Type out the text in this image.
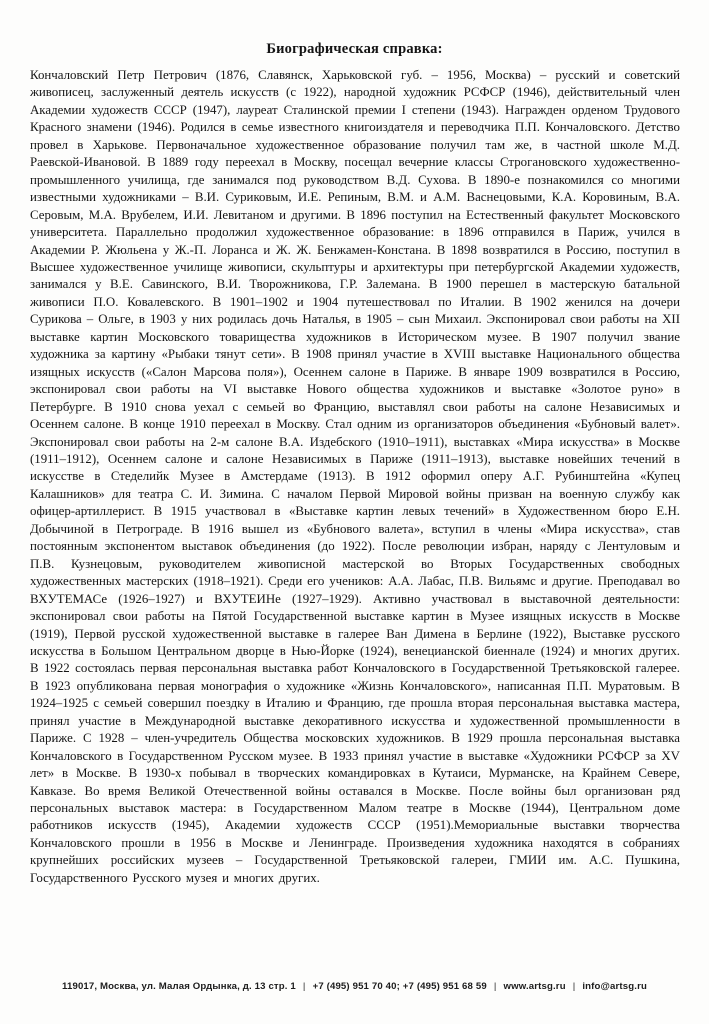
Биографическая справка:

Кончаловский Петр Петрович (1876, Славянск, Харьковской губ. – 1956, Москва) – русский и советский живописец, заслуженный деятель искусств (с 1922), народной художник РСФСР (1946), действительный член Академии художеств СССР (1947), лауреат Сталинской премии I степени (1943). Награжден орденом Трудового Красного знамени (1946). Родился в семье известного книгоиздателя и переводчика П.П. Кончаловского. Детство провел в Харькове. Первоначальное художественное образование получил там же, в частной школе М.Д. Раевской-Ивановой. В 1889 году переехал в Москву, посещал вечерние классы Строгановского художественно-промышленного училища, где занимался под руководством В.Д. Сухова. В 1890-е познакомился со многими известными художниками – В.И. Суриковым, И.Е. Репиным, В.М. и А.М. Васнецовыми, К.А. Коровиным, В.А. Серовым, М.А. Врубелем, И.И. Левитаном и другими. В 1896 поступил на Естественный факультет Московского университета. Параллельно продолжил художественное образование: в 1896 отправился в Париж, учился в Академии Р. Жюльена у Ж.-П. Лоранса и Ж. Ж. Бенжамен-Констана. В 1898 возвратился в Россию, поступил в Высшее художественное училище живописи, скульптуры и архитектуры при петербургской Академии художеств, занимался у В.Е. Савинского, В.И. Творожникова, Г.Р. Залемана. В 1900 перешел в мастерскую батальной живописи П.О. Ковалевского. В 1901–1902 и 1904 путешествовал по Италии. В 1902 женился на дочери Сурикова – Ольге, в 1903 у них родилась дочь Наталья, в 1905 – сын Михаил. Экспонировал свои работы на XII выставке картин Московского товарищества художников в Историческом музее. В 1907 получил звание художника за картину «Рыбаки тянут сети». В 1908 принял участие в XVIII выставке Национального общества изящных искусств («Салон Марсова поля»), Осеннем салоне в Париже. В январе 1909 возвратился в Россию, экспонировал свои работы на VI выставке Нового общества художников и выставке «Золотое руно» в Петербурге. В 1910 снова уехал с семьей во Францию, выставлял свои работы на салоне Независимых и Осеннем салоне. В конце 1910 переехал в Москву. Стал одним из организаторов объединения «Бубновый валет». Экспонировал свои работы на 2-м салоне В.А. Издебского (1910–1911), выставках «Мира искусства» в Москве (1911–1912), Осеннем салоне и салоне Независимых в Париже (1911–1913), выставке новейших течений в искусстве в Стеделийк Музее в Амстердаме (1913). В 1912 оформил оперу А.Г. Рубинштейна «Купец Калашников» для театра С. И. Зимина. С началом Первой Мировой войны призван на военную службу как офицер-артиллерист. В 1915 участвовал в «Выставке картин левых течений» в Художественном бюро Е.Н. Добычиной в Петрограде. В 1916 вышел из «Бубнового валета», вступил в члены «Мира искусства», став постоянным экспонентом выставок объединения (до 1922). После революции избран, наряду с Лентуловым и П.В. Кузнецовым, руководителем живописной мастерской во Вторых Государственных свободных художественных мастерских (1918–1921). Среди его учеников: А.А. Лабас, П.В. Вильямс и другие. Преподавал во ВХУТЕМАСе (1926–1927) и ВХУТЕИНе (1927–1929). Активно участвовал в выставочной деятельности: экспонировал свои работы на Пятой Государственной выставке картин в Музее изящных искусств в Москве (1919), Первой русской художественной выставке в галерее Ван Димена в Берлине (1922), Выставке русского искусства в Большом Центральном дворце в Нью-Йорке (1924), венецианской биеннале (1924) и многих других. В 1922 состоялась первая персональная выставка работ Кончаловского в Государственной Третьяковской галерее. В 1923 опубликована первая монография о художнике «Жизнь Кончаловского», написанная П.П. Муратовым. В 1924–1925 с семьей совершил поездку в Италию и Францию, где прошла вторая персональная выставка мастера, принял участие в Международной выставке декоративного искусства и художественной промышленности в Париже. С 1928 – член-учредитель Общества московских художников. В 1929 прошла персональная выставка Кончаловского в Государственном Русском музее. В 1933 принял участие в выставке «Художники РСФСР за XV лет» в Москве. В 1930-х побывал в творческих командировках в Кутаиси, Мурманске, на Крайнем Севере, Кавказе. Во время Великой Отечественной войны оставался в Москве. После войны был организован ряд персональных выставок мастера: в Государственном Малом театре в Москве (1944), Центральном доме работников искусств (1945), Академии художеств СССР (1951).Мемориальные выставки творчества Кончаловского прошли в 1956 в Москве и Ленинграде. Произведения художника находятся в собраниях крупнейших российских музеев – Государственной Третьяковской галереи, ГМИИ им. А.С. Пушкина, Государственного Русского музея и многих других.

119017, Москва, ул. Малая Ордынка, д. 13 стр. 1 | +7 (495) 951 70 40; +7 (495) 951 68 59 | www.artsg.ru | info@artsg.ru
